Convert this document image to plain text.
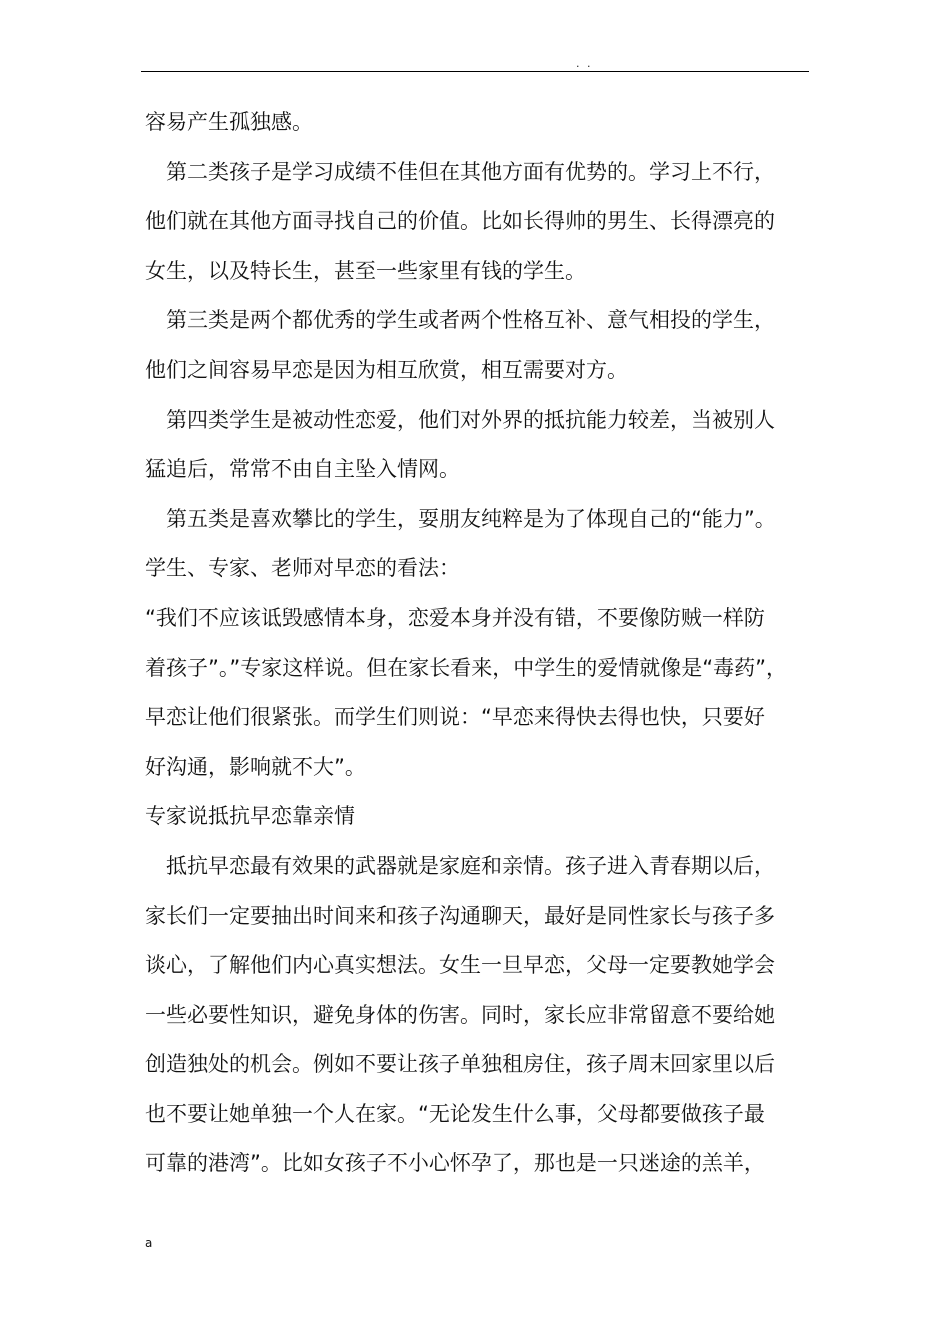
. .
容易产生孤独感。
第二类孩子是学习成绩不佳但在其他方面有优势的。学习上不行，
他们就在其他方面寻找自己的价值。比如长得帅的男生、长得漂亮的
女生，以及特长生，甚至一些家里有钱的学生。
第三类是两个都优秀的学生或者两个性格互补、意气相投的学生，
他们之间容易早恋是因为相互欣赏，相互需要对方。
第四类学生是被动性恋爱，他们对外界的抵抗能力较差，当被别人
猛追后，常常不由自主坠入情网。
第五类是喜欢攀比的学生，耍朋友纯粹是为了体现自己的“能力”。
学生、专家、老师对早恋的看法：
“我们不应该诋毁感情本身，恋爱本身并没有错，不要像防贼一样防
着孩子”。”专家这样说。但在家长看来，中学生的爱情就像是“毒药”，
早恋让他们很紧张。而学生们则说：“早恋来得快去得也快，只要好
好沟通，影响就不大”。
专家说抵抗早恋靠亲情
抵抗早恋最有效果的武器就是家庭和亲情。孩子进入青春期以后，
家长们一定要抽出时间来和孩子沟通聊天，最好是同性家长与孩子多
谈心，了解他们内心真实想法。女生一旦早恋，父母一定要教她学会
一些必要性知识，避免身体的伤害。同时，家长应非常留意不要给她
创造独处的机会。例如不要让孩子单独租房住，孩子周末回家里以后
也不要让她单独一个人在家。“无论发生什么事，父母都要做孩子最
可靠的港湾”。比如女孩子不小心怀孕了，那也是一只迷途的羔羊，
a
